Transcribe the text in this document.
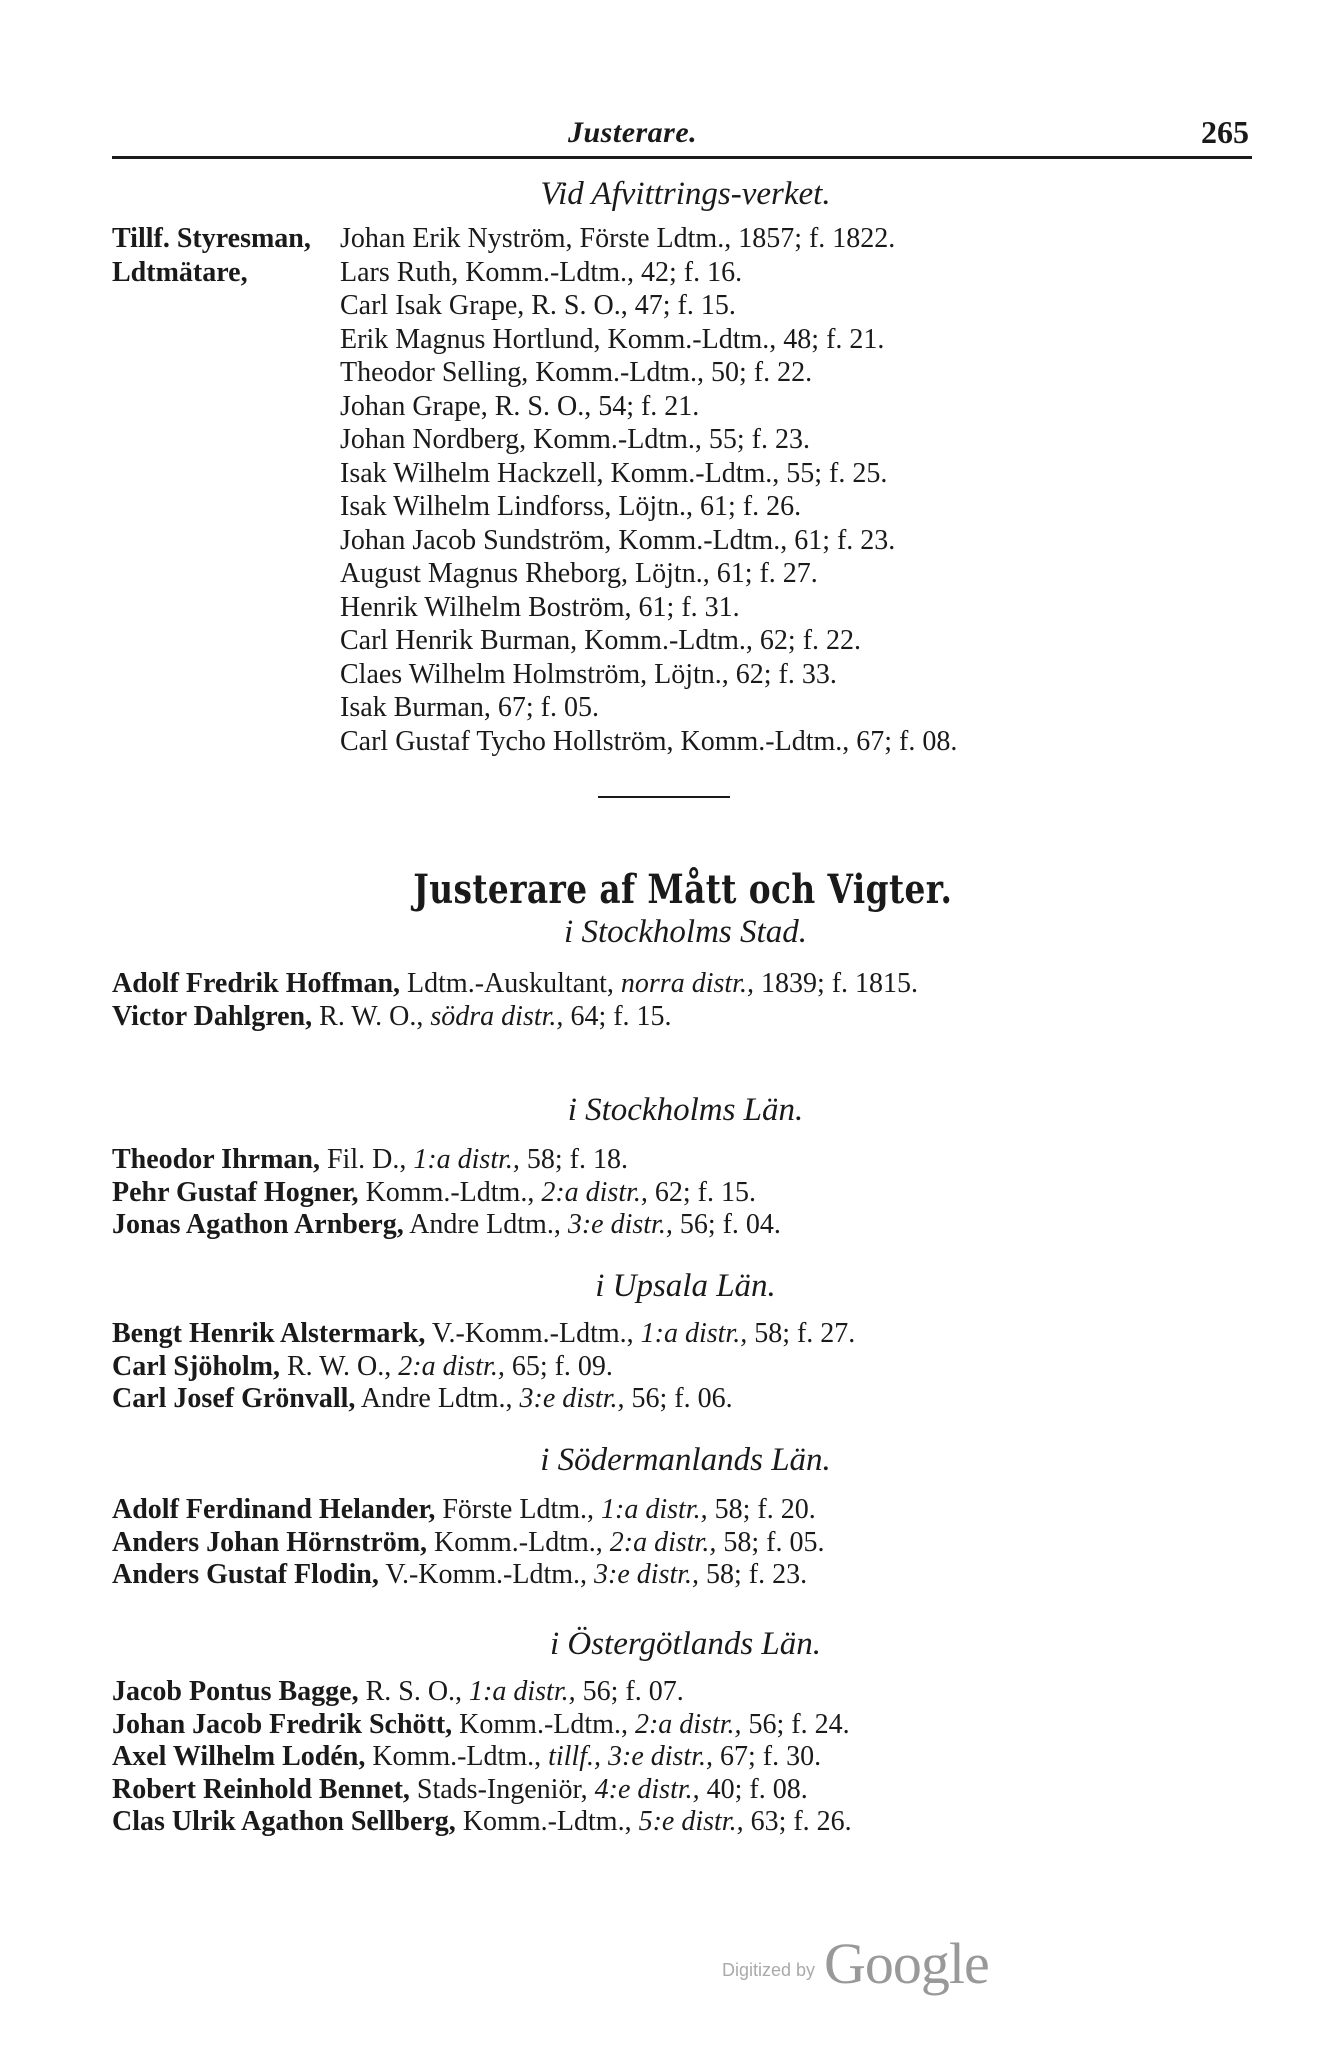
Justerare.	265
Vid Afvittrings-verket.
Tillf. Styresman,	Johan Erik Nyström, Förste Ldtm., 1857; f. 1822.
Ldtmätare,	Lars Ruth, Komm.-Ldtm., 42; f. 16.
Carl Isak Grape, R. S. O., 47; f. 15.
Erik Magnus Hortlund, Komm.-Ldtm., 48; f. 21.
Theodor Selling, Komm.-Ldtm., 50; f. 22.
Johan Grape, R. S. O., 54; f. 21.
Johan Nordberg, Komm.-Ldtm., 55; f. 23.
Isak Wilhelm Hackzell, Komm.-Ldtm., 55; f. 25.
Isak Wilhelm Lindforss, Löjtn., 61; f. 26.
Johan Jacob Sundström, Komm.-Ldtm., 61; f. 23.
August Magnus Rheborg, Löjtn., 61; f. 27.
Henrik Wilhelm Boström, 61; f. 31.
Carl Henrik Burman, Komm.-Ldtm., 62; f. 22.
Claes Wilhelm Holmström, Löjtn., 62; f. 33.
Isak Burman, 67; f. 05.
Carl Gustaf Tycho Hollström, Komm.-Ldtm., 67; f. 08.
Justerare af Mått och Vigter.
i Stockholms Stad.
Adolf Fredrik Hoffman, Ldtm.-Auskultant, norra distr., 1839; f. 1815.
Victor Dahlgren, R. W. O., södra distr., 64; f. 15.
i Stockholms Län.
Theodor Ihrman, Fil. D., 1:a distr., 58; f. 18.
Pehr Gustaf Hogner, Komm.-Ldtm., 2:a distr., 62; f. 15.
Jonas Agathon Arnberg, Andre Ldtm., 3:e distr., 56; f. 04.
i Upsala Län.
Bengt Henrik Alstermark, V.-Komm.-Ldtm., 1:a distr., 58; f. 27.
Carl Sjöholm, R. W. O., 2:a distr., 65; f. 09.
Carl Josef Grönvall, Andre Ldtm., 3:e distr., 56; f. 06.
i Södermanlands Län.
Adolf Ferdinand Helander, Förste Ldtm., 1:a distr., 58; f. 20.
Anders Johan Hörnström, Komm.-Ldtm., 2:a distr., 58; f. 05.
Anders Gustaf Flodin, V.-Komm.-Ldtm., 3:e distr., 58; f. 23.
i Östergötlands Län.
Jacob Pontus Bagge, R. S. O., 1:a distr., 56; f. 07.
Johan Jacob Fredrik Schött, Komm.-Ldtm., 2:a distr., 56; f. 24.
Axel Wilhelm Lodén, Komm.-Ldtm., tillf., 3:e distr., 67; f. 30.
Robert Reinhold Bennet, Stads-Ingeniör, 4:e distr., 40; f. 08.
Clas Ulrik Agathon Sellberg, Komm.-Ldtm., 5:e distr., 63; f. 26.
Digitized by Google
